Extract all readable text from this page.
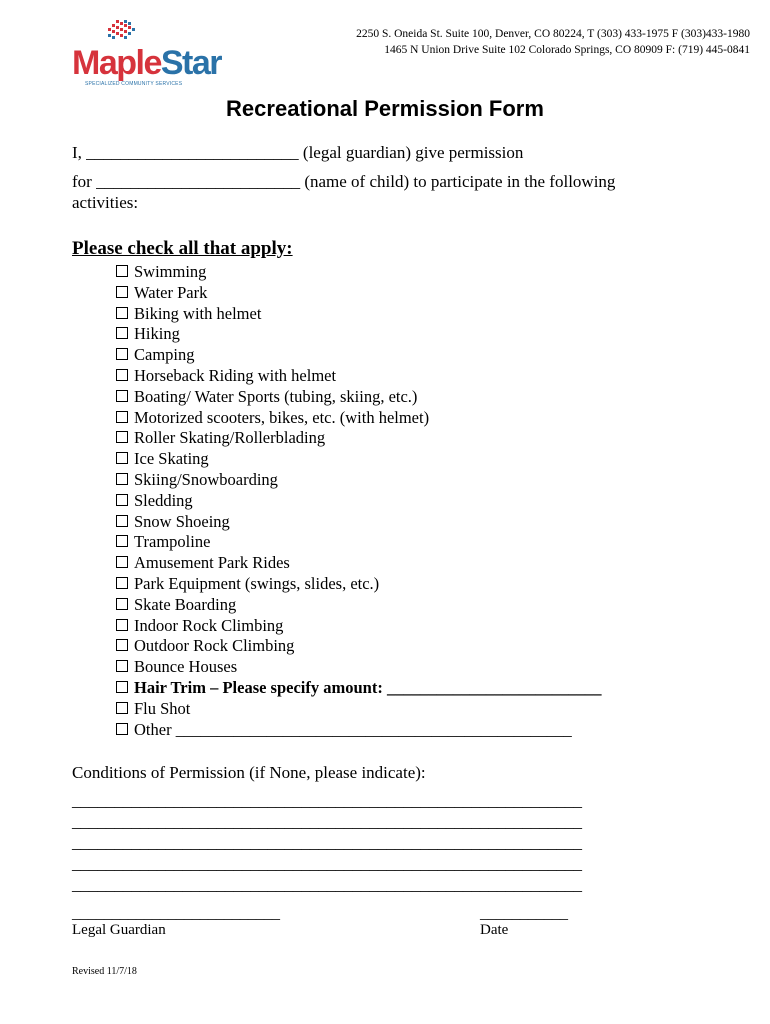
2250 S. Oneida St. Suite 100, Denver, CO 80224, T (303) 433-1975 F (303)433-1980
1465 N Union Drive Suite 102 Colorado Springs, CO 80909 F: (719) 445-0841
MapleStar
SPECIALIZED COMMUNITY SERVICES
Recreational Permission Form
I, _________________________ (legal guardian) give permission
for ________________________ (name of child) to participate in the following
activities:
Please check all that apply:
Swimming
Water Park
Biking with helmet
Hiking
Camping
Horseback Riding with helmet
Boating/ Water Sports (tubing, skiing, etc.)
Motorized scooters, bikes, etc. (with helmet)
Roller Skating/Rollerblading
Ice Skating
Skiing/Snowboarding
Sledding
Snow Shoeing
Trampoline
Amusement Park Rides
Park Equipment (swings, slides, etc.)
Skate Boarding
Indoor Rock Climbing
Outdoor Rock Climbing
Bounce Houses
Hair Trim – Please specify amount: __________________________
Flu Shot
Other ________________________________________________
Conditions of Permission (if None, please indicate):
____________________________________________________________
____________________________________________________________
____________________________________________________________
____________________________________________________________
____________________________________________________________
__________________________
Legal Guardian
___________
Date
Revised 11/7/18
